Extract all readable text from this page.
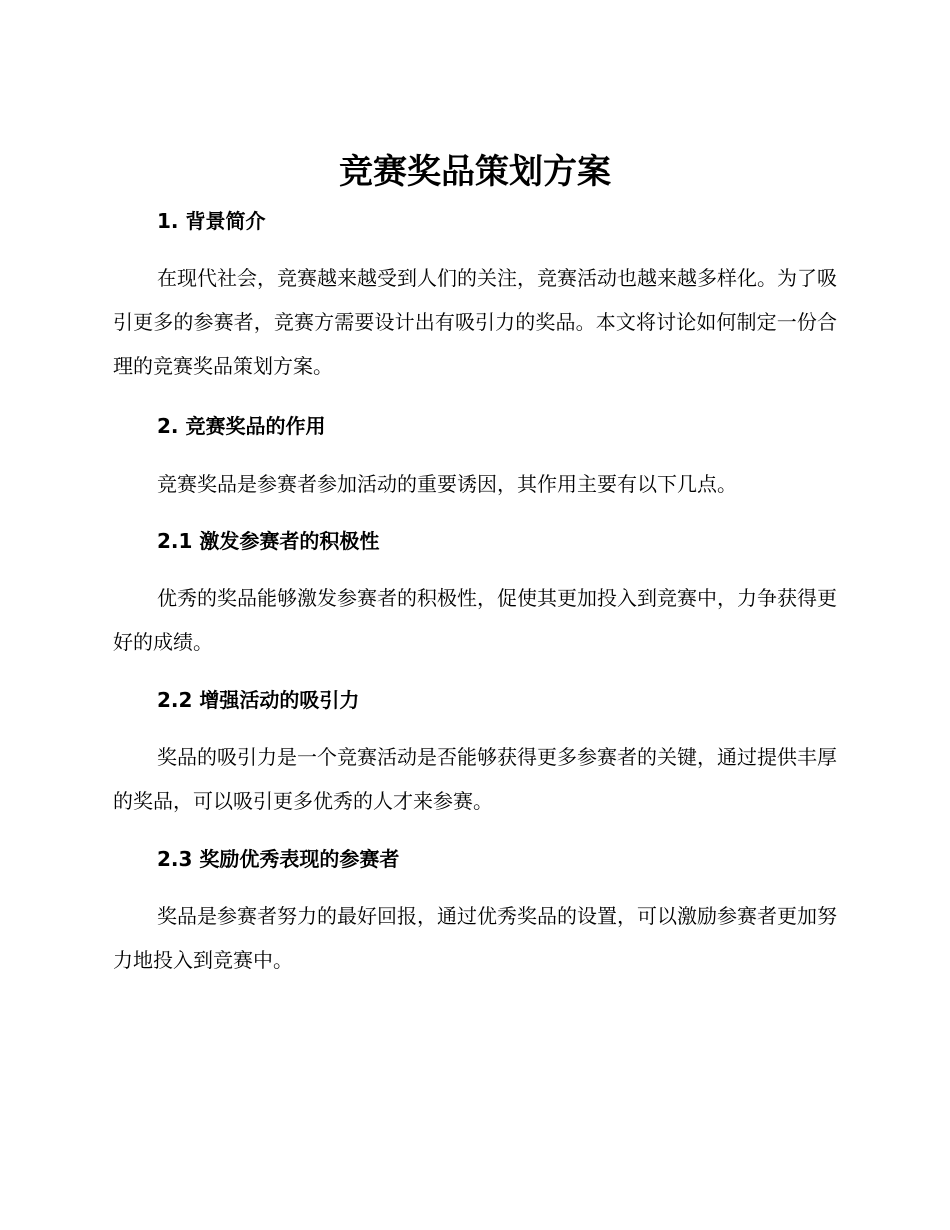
竞赛奖品策划方案
1. 背景简介

在现代社会，竞赛越来越受到人们的关注，竞赛活动也越来越多样化。为了吸引更多的参赛者，竞赛方需要设计出有吸引力的奖品。本文将讨论如何制定一份合理的竞赛奖品策划方案。

2. 竞赛奖品的作用

竞赛奖品是参赛者参加活动的重要诱因，其作用主要有以下几点。

2.1 激发参赛者的积极性

优秀的奖品能够激发参赛者的积极性，促使其更加投入到竞赛中，力争获得更好的成绩。

2.2 增强活动的吸引力

奖品的吸引力是一个竞赛活动是否能够获得更多参赛者的关键，通过提供丰厚的奖品，可以吸引更多优秀的人才来参赛。

2.3 奖励优秀表现的参赛者

奖品是参赛者努力的最好回报，通过优秀奖品的设置，可以激励参赛者更加努力地投入到竞赛中。
